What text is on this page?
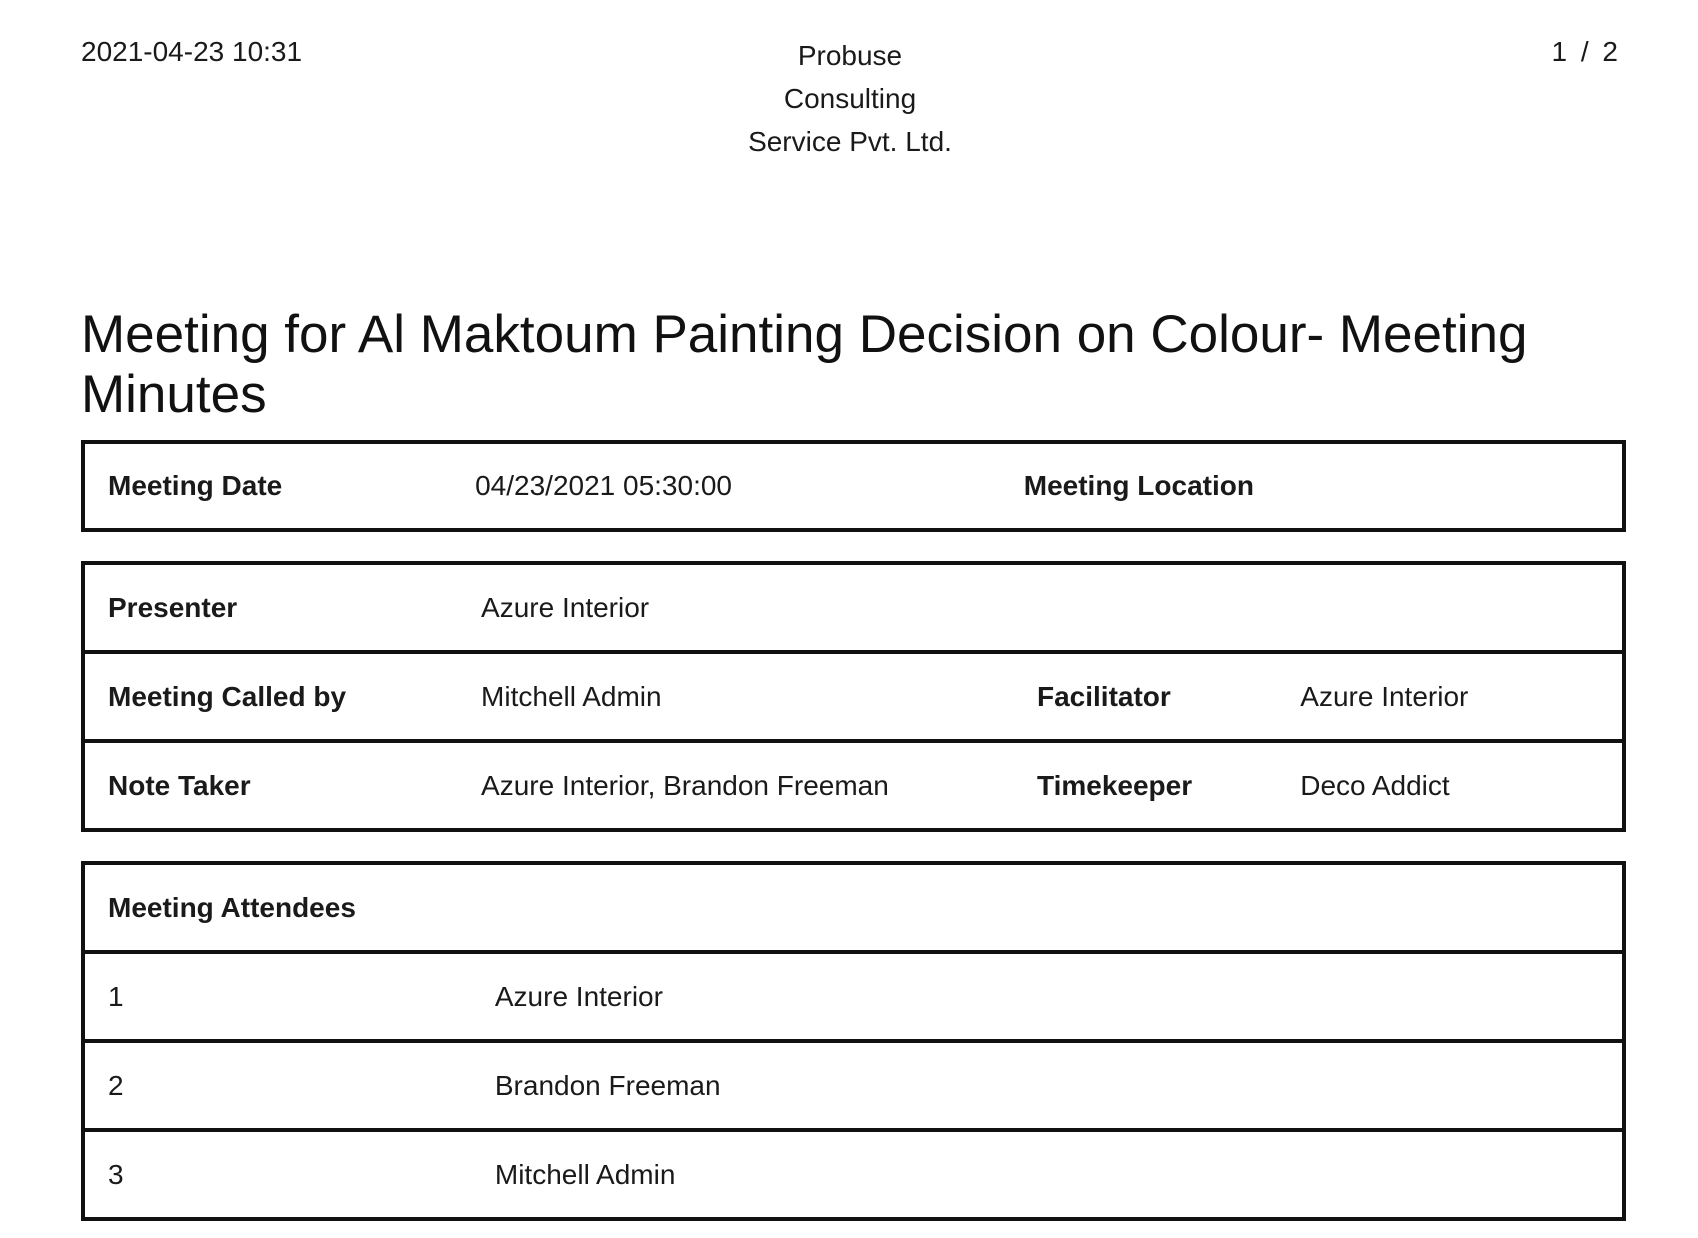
2021-04-23 10:31	Probuse
Consulting
Service Pvt. Ltd.
1 / 2
Meeting for Al Maktoum Painting Decision on Colour- Meeting Minutes
Meeting Date	04/23/2021 05:30:00	Meeting Location
Presenter	Azure Interior		
Meeting Called by	Mitchell Admin	Facilitator	Azure Interior
Note Taker	Azure Interior, Brandon Freeman	Timekeeper	Deco Addict
Meeting Attendees	
1	Azure Interior
2	Brandon Freeman
3	Mitchell Admin
